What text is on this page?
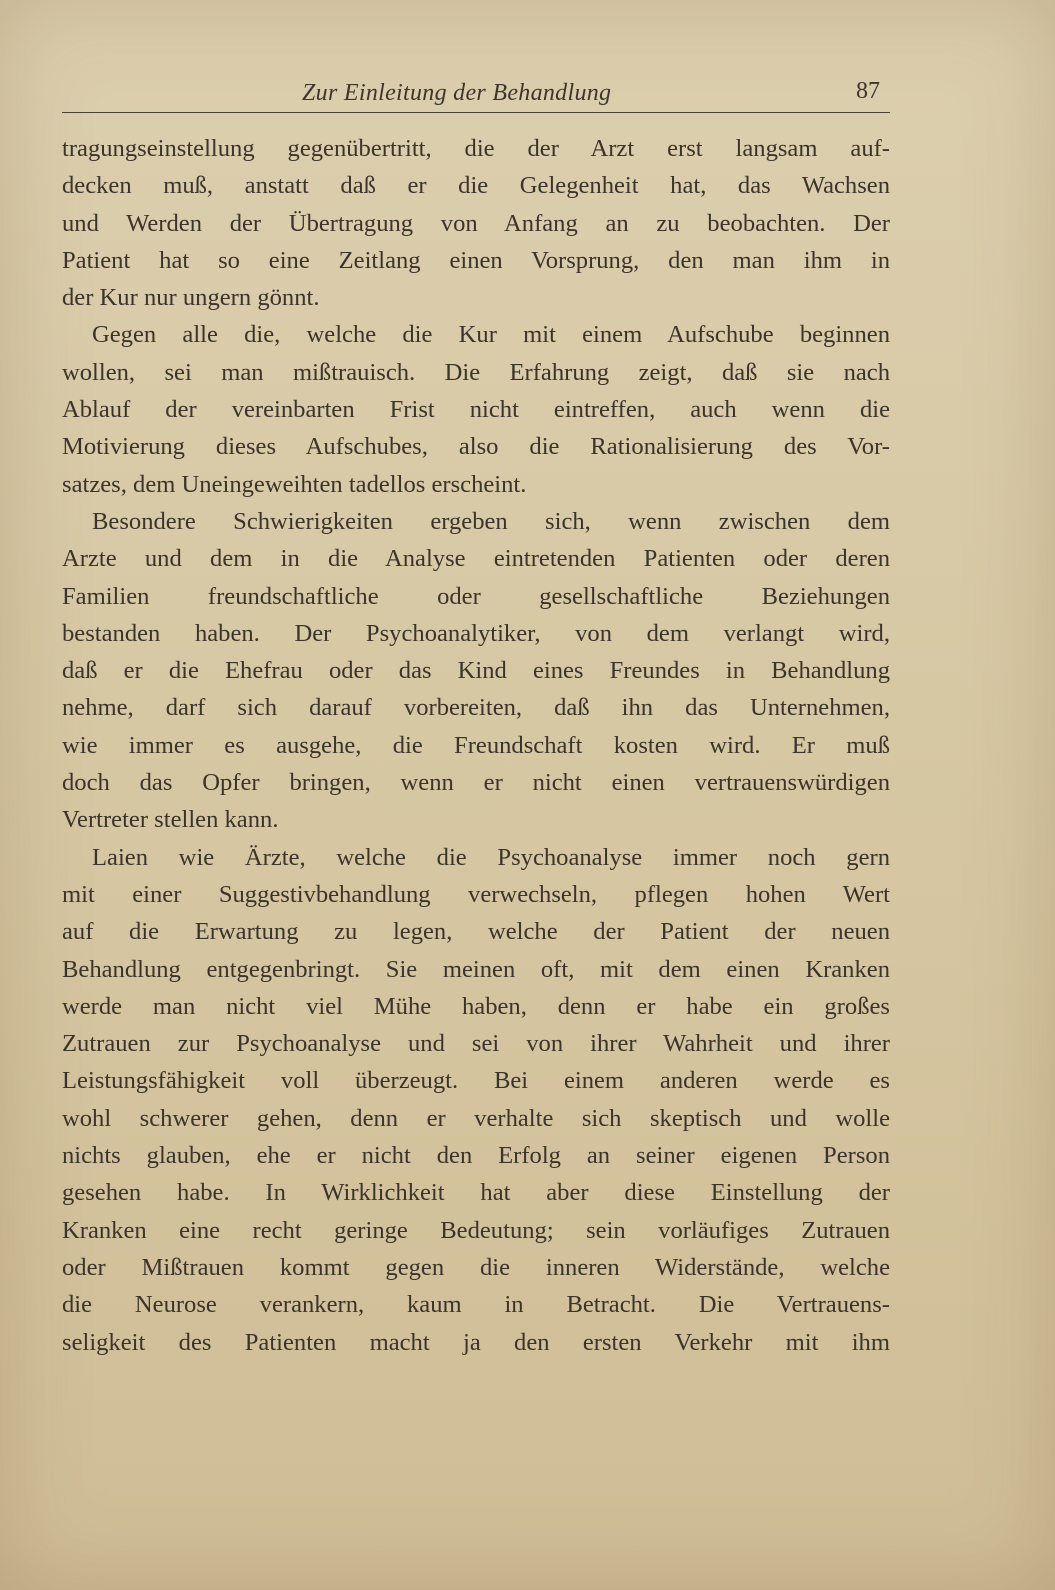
Zur Einleitung der Behandlung	87
tragungseinstellung gegenübertritt, die der Arzt erst langsam auf-
decken muß, anstatt daß er die Gelegenheit hat, das Wachsen
und Werden der Übertragung von Anfang an zu beobachten. Der
Patient hat so eine Zeitlang einen Vorsprung, den man ihm in
der Kur nur ungern gönnt.
Gegen alle die, welche die Kur mit einem Aufschube beginnen
wollen, sei man mißtrauisch. Die Erfahrung zeigt, daß sie nach
Ablauf der vereinbarten Frist nicht eintreffen, auch wenn die
Motivierung dieses Aufschubes, also die Rationalisierung des Vor-
satzes, dem Uneingeweihten tadellos erscheint.
Besondere Schwierigkeiten ergeben sich, wenn zwischen dem
Arzte und dem in die Analyse eintretenden Patienten oder deren
Familien freundschaftliche oder gesellschaftliche Beziehungen
bestanden haben. Der Psychoanalytiker, von dem verlangt wird,
daß er die Ehefrau oder das Kind eines Freundes in Behandlung
nehme, darf sich darauf vorbereiten, daß ihn das Unternehmen,
wie immer es ausgehe, die Freundschaft kosten wird. Er muß
doch das Opfer bringen, wenn er nicht einen vertrauenswürdigen
Vertreter stellen kann.
Laien wie Ärzte, welche die Psychoanalyse immer noch gern
mit einer Suggestivbehandlung verwechseln, pflegen hohen Wert
auf die Erwartung zu legen, welche der Patient der neuen
Behandlung entgegenbringt. Sie meinen oft, mit dem einen Kranken
werde man nicht viel Mühe haben, denn er habe ein großes
Zutrauen zur Psychoanalyse und sei von ihrer Wahrheit und ihrer
Leistungsfähigkeit voll überzeugt. Bei einem anderen werde es
wohl schwerer gehen, denn er verhalte sich skeptisch und wolle
nichts glauben, ehe er nicht den Erfolg an seiner eigenen Person
gesehen habe. In Wirklichkeit hat aber diese Einstellung der
Kranken eine recht geringe Bedeutung; sein vorläufiges Zutrauen
oder Mißtrauen kommt gegen die inneren Widerstände, welche
die Neurose verankern, kaum in Betracht. Die Vertrauens-
seligkeit des Patienten macht ja den ersten Verkehr mit ihm
